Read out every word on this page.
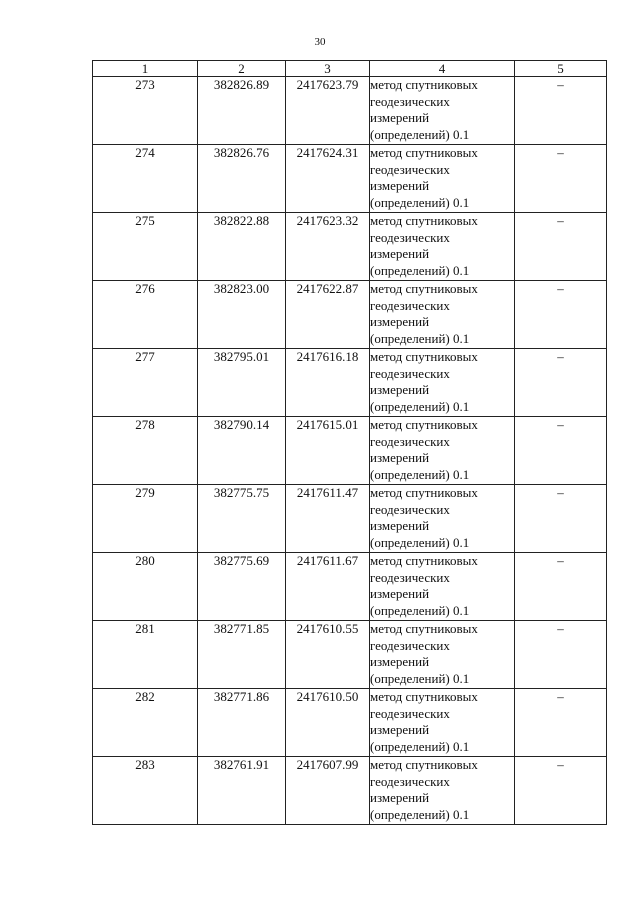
30
1	2	3	4	5
273	382826.89	2417623.79	метод спутниковых
геодезических
измерений
(определений) 0.1	–
274	382826.76	2417624.31	метод спутниковых
геодезических
измерений
(определений) 0.1	–
275	382822.88	2417623.32	метод спутниковых
геодезических
измерений
(определений) 0.1	–
276	382823.00	2417622.87	метод спутниковых
геодезических
измерений
(определений) 0.1	–
277	382795.01	2417616.18	метод спутниковых
геодезических
измерений
(определений) 0.1	–
278	382790.14	2417615.01	метод спутниковых
геодезических
измерений
(определений) 0.1	–
279	382775.75	2417611.47	метод спутниковых
геодезических
измерений
(определений) 0.1	–
280	382775.69	2417611.67	метод спутниковых
геодезических
измерений
(определений) 0.1	–
281	382771.85	2417610.55	метод спутниковых
геодезических
измерений
(определений) 0.1	–
282	382771.86	2417610.50	метод спутниковых
геодезических
измерений
(определений) 0.1	–
283	382761.91	2417607.99	метод спутниковых
геодезических
измерений
(определений) 0.1	–
